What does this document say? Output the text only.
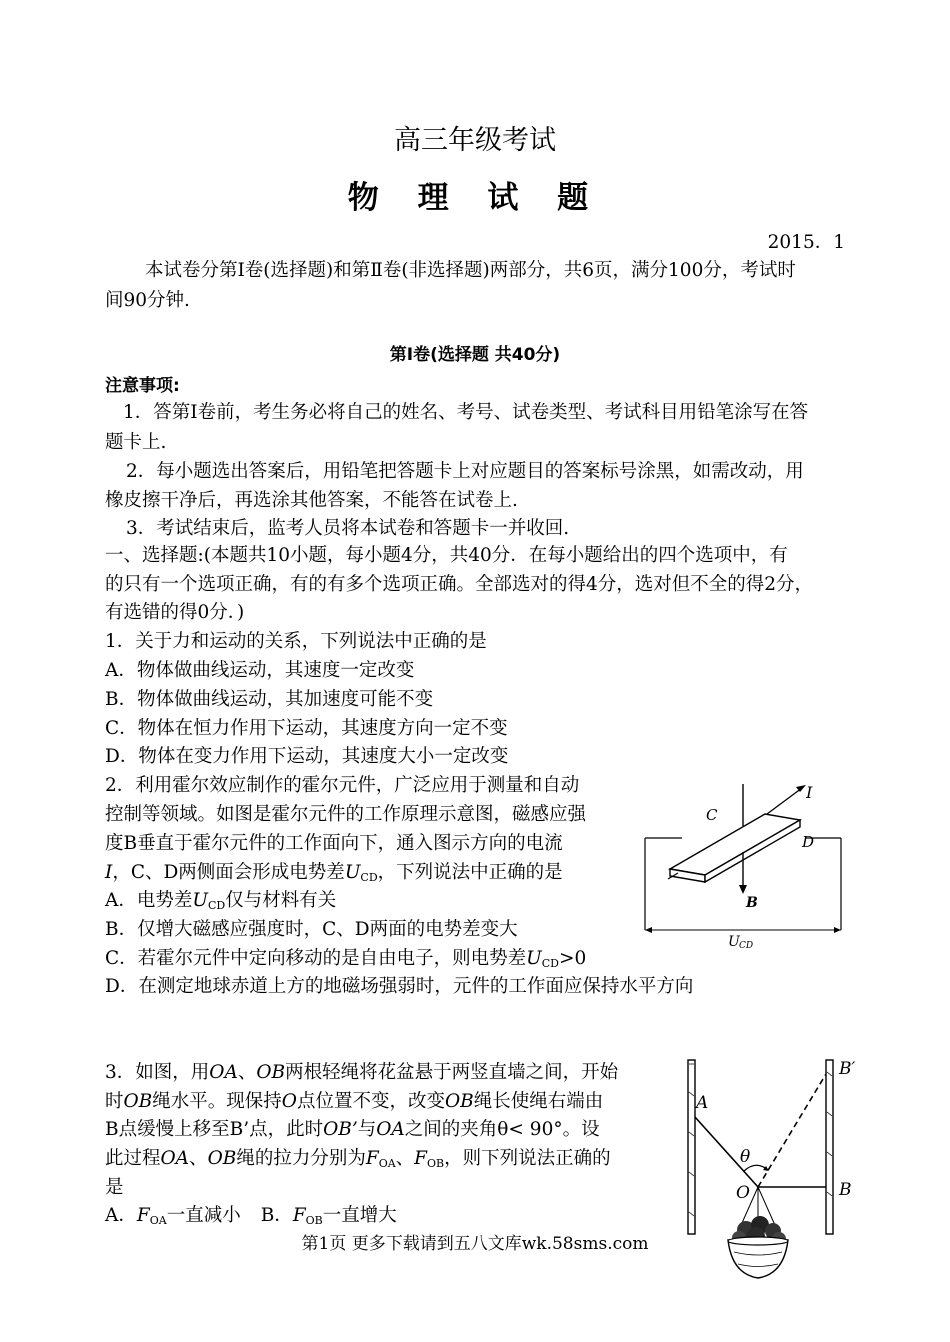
高三年级考试
物 理 试 题
2015．1
本试卷分第Ⅰ卷(选择题)和第Ⅱ卷(非选择题)两部分，共6页，满分100分，考试时
间90分钟.
第Ⅰ卷(选择题 共40分)
注意事项:
1．答第Ⅰ卷前，考生务必将自己的姓名、考号、试卷类型、考试科目用铅笔涂写在答
题卡上.
2．每小题选出答案后，用铅笔把答题卡上对应题目的答案标号涂黑，如需改动，用
橡皮擦干净后，再选涂其他答案，不能答在试卷上.
3．考试结束后，监考人员将本试卷和答题卡一并收回.
一、选择题:(本题共10小题，每小题4分，共40分．在每小题给出的四个选项中，有
的只有一个选项正确，有的有多个选项正确。全部选对的得4分，选对但不全的得2分，
有选错的得0分．)
1．关于力和运动的关系，下列说法中正确的是
A．物体做曲线运动，其速度一定改变
B．物体做曲线运动，其加速度可能不变
C．物体在恒力作用下运动，其速度方向一定不变
D．物体在变力作用下运动，其速度大小一定改变
2．利用霍尔效应制作的霍尔元件，广泛应用于测量和自动
控制等领域。如图是霍尔元件的工作原理示意图，磁感应强
度B垂直于霍尔元件的工作面向下，通入图示方向的电流
I，C、D两侧面会形成电势差$U_{CD}$，下列说法中正确的是
A．电势差$U_{CD}$仅与材料有关
B．仅增大磁感应强度时，C、D两面的电势差变大
C．若霍尔元件中定向移动的是自由电子，则电势差$U_{CD}>0$
D．在测定地球赤道上方的地磁场强弱时，元件的工作面应保持水平方向
I
C
D
B
U CD
3．如图，用OA、OB两根轻绳将花盆悬于两竖直墙之间，开始
时OB绳水平。现保持O点位置不变，改变OB绳长使绳右端由
B点缓慢上移至B’点，此时OB’与OA之间的夹角θ< 90°。设
此过程OA、OB绳的拉力分别为$F_{OA}$、$F_{OB}$，则下列说法正确的
是
A．$F_{OA}$一直减小 B．$F_{OB}$一直增大
A
B′
B
O
θ
第1页 更多下载请到五八文库wk.58sms.com
